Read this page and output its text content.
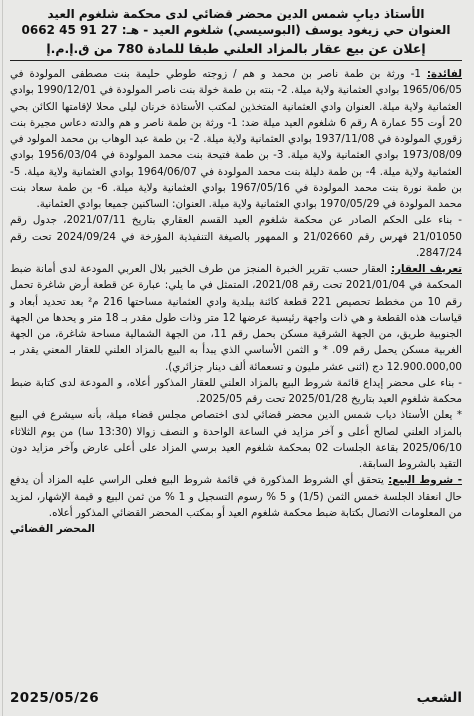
الأستاذ ديابِ شمس الدين محضر قضائي لدى محكمة شلغوم العيد
العنوان حي زيغود يوسف (البوسيسي) شلغوم العيد - هـ: 27 91 45 0662
إعلان عن بيع عقار بالمزاد العلني طبقا للمادة 780 من ق.إ.م.إ

لفائدة: 1- ورثة بن طمة ناصر بن محمد و هم / زوجته طوطي حليمة بنت مصطفى المولودة في 1965/06/05 بوادي العثمانية ولاية ميلة. 2- بنته بن طمة خولة بنت ناصر المولودة في 1990/12/01 بوادي العثمانية ولاية ميلة. العنوان وادي العثمانية المتخذين لمكتب الأستاذة خرنان ليلى محلا لإقامتها الكائن بحي 20 أوت 55 عمارة A رقم 6 شلغوم العيد ميلة ضد: 1- ورثة بن طمة ناصر و هم والدته دعاس مجيرة بنت زقوري المولودة في 1937/11/08 بوادي العثمانية ولاية ميلة. 2- بن طمة عبد الوهاب بن محمد المولود في 1973/08/09 بوادي العثمانية ولاية ميلة. 3- بن طمة فتيحة بنت محمد المولودة في 1956/03/04 بوادي العثمانية ولاية ميلة. 4- بن طمة دليلة بنت محمد المولودة في 1964/06/07 بوادي العثمانية ولاية ميلة. 5- بن طمة نورة بنت محمد المولودة في 1967/05/16 بوادي العثمانية ولاية ميلة. 6- بن طمة سعاد بنت محمد المولودة في 1970/05/29 بوادي العثمانية ولاية ميلة. العنوان: الساكنين جميعا بوادي العثمانية.

- بناء على الحكم الصادر عن محكمة شلغوم العيد القسم العقاري بتاريخ 2021/07/11، جدول رقم 21/01050 فهرس رقم 21/02660 و الممهور بالصيغة التنفيذية المؤرخة في 2024/09/24 تحت رقم 2847/24.

تعريف العقار: العقار حسب تقرير الخبرة المنجز من طرف الخبير بلال العربي المودعة لدى أمانة ضبط المحكمة في 2021/01/04 تحت رقم 2021/08، المتمثل في ما يلي: عبارة عن قطعة أرض شاغرة تحمل رقم 10 من مخطط تحصيص 221 قطعة كائنة ببلدية وادي العثمانية مساحتها 216 م² بعد تحديد أبعاد و قياسات هذه القطعة و هي ذات واجهة رئيسية عرضها 12 متر وذات طول مقدر بـ 18 متر و يحدها من الجهة الجنوبية طريق، من الجهة الشرقية مسكن بحمل رقم 11، من الجهة الشمالية مساحة شاغرة، من الجهة الغربية مسكن يحمل رقم 09. * و الثمن الأساسي الذي يبدأ به البيع بالمزاد العلني للعقار المعني يقدر بـ 12.900.000,00 دج (اثنى عشر مليون و تسعمائة ألف دينار جزائري).

- بناء على محضر إيداع قائمة شروط البيع بالمزاد العلني للعقار المذكور أعلاه، و المودعة لدى كتابة ضبط محكمة شلغوم العيد بتاريخ 2025/01/28 تحت رقم 2025/05.

* يعلن الأستاذ دياب شمس الدين محضر قضائي لدى اختصاص مجلس قضاء ميلة، بأنه سيشرع في البيع بالمزاد العلني لصالح أعلى و آخر مزايد في الساعة الواحدة و النصف زوالا (13:30 سا) من يوم الثلاثاء 2025/06/10 بقاعة الجلسات 02 بمحكمة شلغوم العيد برسي المزاد على أعلى عارض وآخر مزايد دون التقيد بالشروط السابقة.

- شروط البيع: يتحقق أي الشروط المذكورة في قائمة شروط البيع فعلى الراسي عليه المزاد أن يدفع حال انعقاد الجلسة خمس الثمن (1/5) و 5 % رسوم التسجيل و 1 % من ثمن البيع و قيمة الإشهار، لمزيد من المعلومات الاتصال بكتابة ضبط محكمة شلغوم العيد أو بمكتب المحضر القضائي المذكور أعلاه.

المحضر القضائي

الشعب
2025/05/26
